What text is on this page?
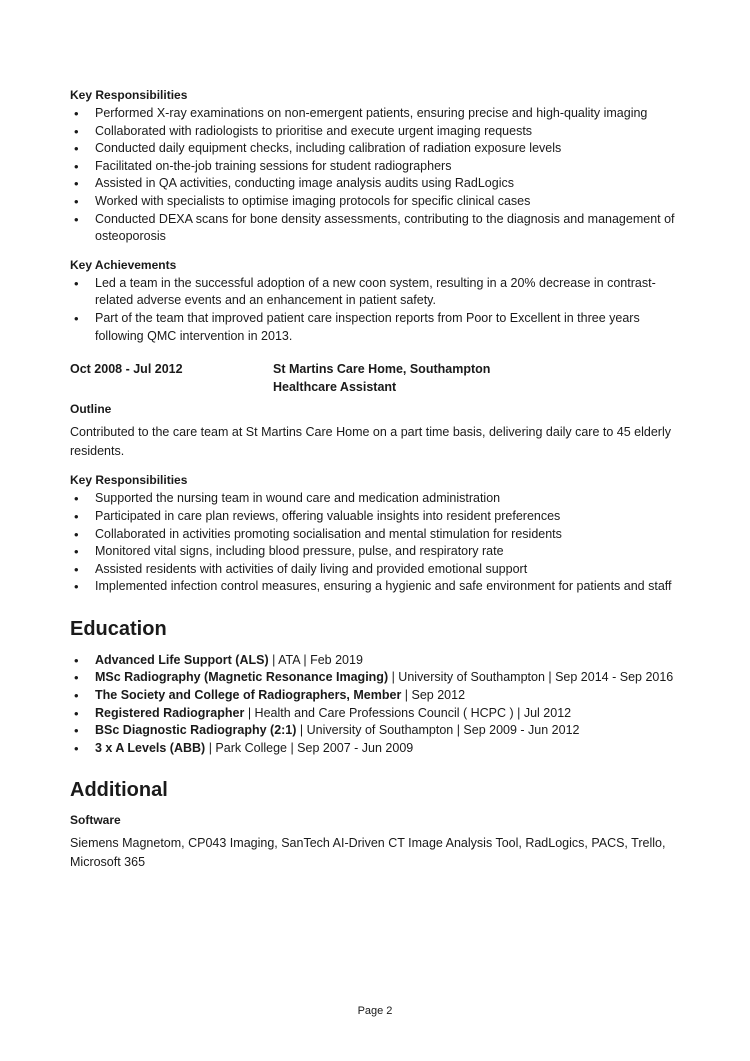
Key Responsibilities
• Performed X-ray examinations on non-emergent patients, ensuring precise and high-quality imaging
• Collaborated with radiologists to prioritise and execute urgent imaging requests
• Conducted daily equipment checks, including calibration of radiation exposure levels
• Facilitated on-the-job training sessions for student radiographers
• Assisted in QA activities, conducting image analysis audits using RadLogics
• Worked with specialists to optimise imaging protocols for specific clinical cases
• Conducted DEXA scans for bone density assessments, contributing to the diagnosis and management of osteoporosis
Key Achievements
• Led a team in the successful adoption of a new coon system, resulting in a 20% decrease in contrast-related adverse events and an enhancement in patient safety.
• Part of the team that improved patient care inspection reports from Poor to Excellent in three years following QMC intervention in 2013.
Oct 2008 - Jul 2012	St Martins Care Home, Southampton
Healthcare Assistant
Outline

Contributed to the care team at St Martins Care Home on a part time basis, delivering daily care to 45 elderly residents.

Key Responsibilities
• Supported the nursing team in wound care and medication administration
• Participated in care plan reviews, offering valuable insights into resident preferences
• Collaborated in activities promoting socialisation and mental stimulation for residents
• Monitored vital signs, including blood pressure, pulse, and respiratory rate
• Assisted residents with activities of daily living and provided emotional support
• Implemented infection control measures, ensuring a hygienic and safe environment for patients and staff
Education
• Advanced Life Support (ALS) | ATA | Feb 2019
• MSc Radiography (Magnetic Resonance Imaging) | University of Southampton | Sep 2014 - Sep 2016
• The Society and College of Radiographers, Member | Sep 2012
• Registered Radiographer | Health and Care Professions Council ( HCPC ) | Jul 2012
• BSc Diagnostic Radiography (2:1) | University of Southampton | Sep 2009 - Jun 2012
• 3 x A Levels (ABB) | Park College | Sep 2007 - Jun 2009
Additional
Software

Siemens Magnetom, CP043 Imaging, SanTech AI-Driven CT Image Analysis Tool, RadLogics, PACS, Trello, Microsoft 365

Page 2
